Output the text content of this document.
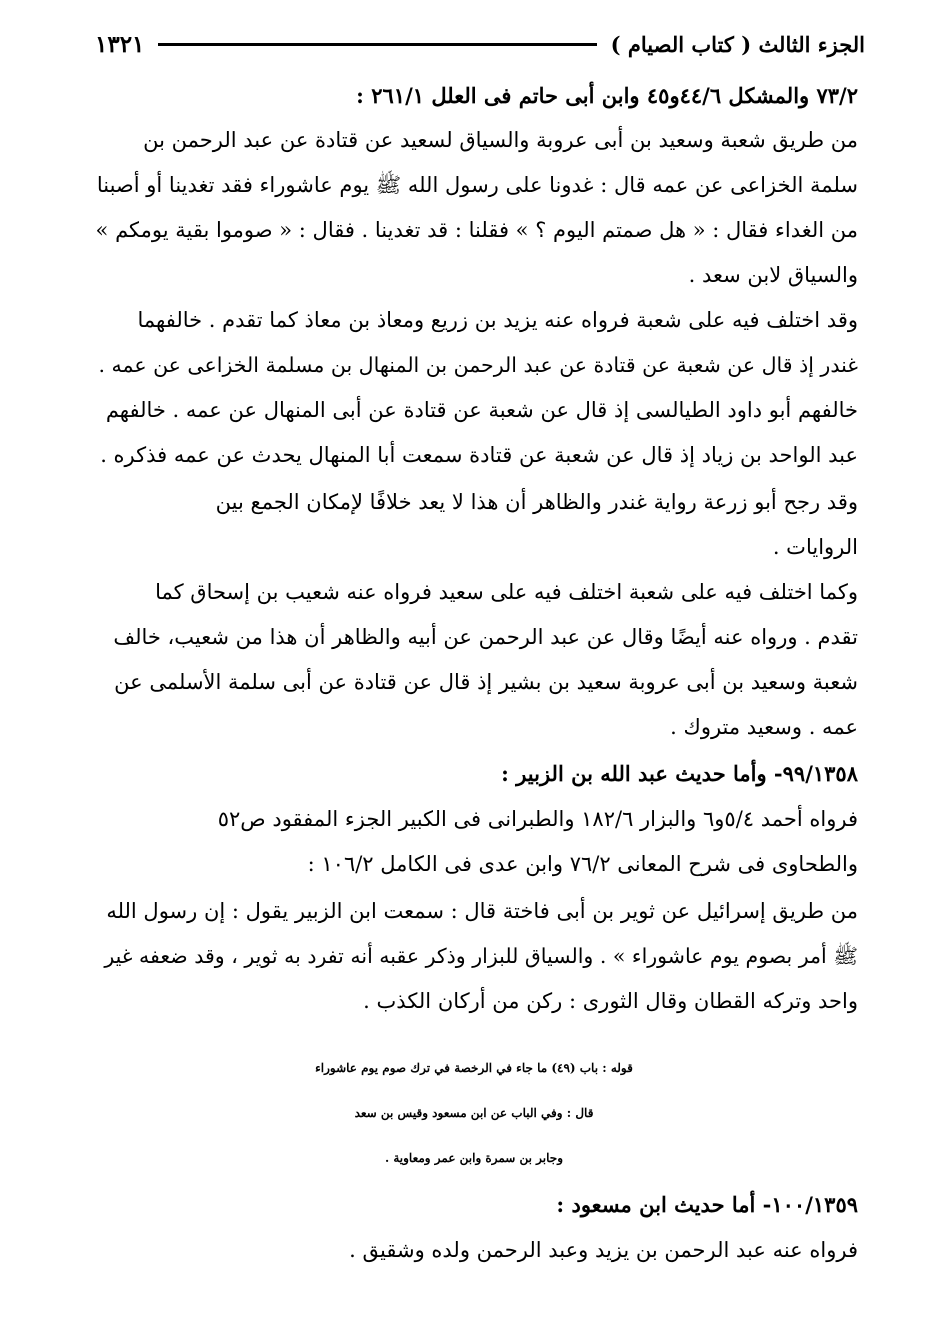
الجزء الثالث ( كتاب الصيام )
١٣٢١
٧٣/٢ والمشكل ٤٤/٦و٤٥ وابن أبى حاتم فى العلل ٢٦١/١ :
من طريق شعبة وسعيد بن أبى عروبة والسياق لسعيد عن قتادة عن عبد الرحمن بن
سلمة الخزاعى عن عمه قال : غدونا على رسول الله ﷺ يوم عاشوراء فقد تغدينا أو أصبنا
من الغداء فقال : « هل صمتم اليوم ؟ » فقلنا : قد تغدينا . فقال : « صوموا بقية يومكم »
والسياق لابن سعد .
وقد اختلف فيه على شعبة فرواه عنه يزيد بن زريع ومعاذ بن معاذ كما تقدم . خالفهما
غندر إذ قال عن شعبة عن قتادة عن عبد الرحمن بن المنهال بن مسلمة الخزاعى عن عمه .
خالفهم أبو داود الطيالسى إذ قال عن شعبة عن قتادة عن أبى المنهال عن عمه . خالفهم
عبد الواحد بن زياد إذ قال عن شعبة عن قتادة سمعت أبا المنهال يحدث عن عمه فذكره .
وقد رجح أبو زرعة رواية غندر والظاهر أن هذا لا يعد خلافًا لإمكان الجمع بين
الروايات .
وكما اختلف فيه على شعبة اختلف فيه على سعيد فرواه عنه شعيب بن إسحاق كما
تقدم . ورواه عنه أيضًا وقال عن عبد الرحمن عن أبيه والظاهر أن هذا من شعيب، خالف
شعبة وسعيد بن أبى عروبة سعيد بن بشير إذ قال عن قتادة عن أبى سلمة الأسلمى عن
عمه . وسعيد متروك .
٩٩/١٣٥٨- وأما حديث عبد الله بن الزبير :
فرواه أحمد ٥/٤و٦ والبزار ١٨٢/٦ والطبرانى فى الكبير الجزء المفقود ص٥٢
والطحاوى فى شرح المعانى ٧٦/٢ وابن عدى فى الكامل ١٠٦/٢ :
من طريق إسرائيل عن ثوير بن أبى فاختة قال : سمعت ابن الزبير يقول : إن رسول الله
ﷺ أمر بصوم يوم عاشوراء » . والسياق للبزار وذكر عقبه أنه تفرد به ثوير ، وقد ضعفه غير
واحد وتركه القطان وقال الثورى : ركن من أركان الكذب .
قوله : باب (٤٩) ما جاء في الرخصة في ترك صوم يوم عاشوراء
قال : وفي الباب عن ابن مسعود وقيس بن سعد
وجابر بن سمرة وابن عمر ومعاوية .
١٠٠/١٣٥٩- أما حديث ابن مسعود :
فرواه عنه عبد الرحمن بن يزيد وعبد الرحمن ولده وشقيق .
